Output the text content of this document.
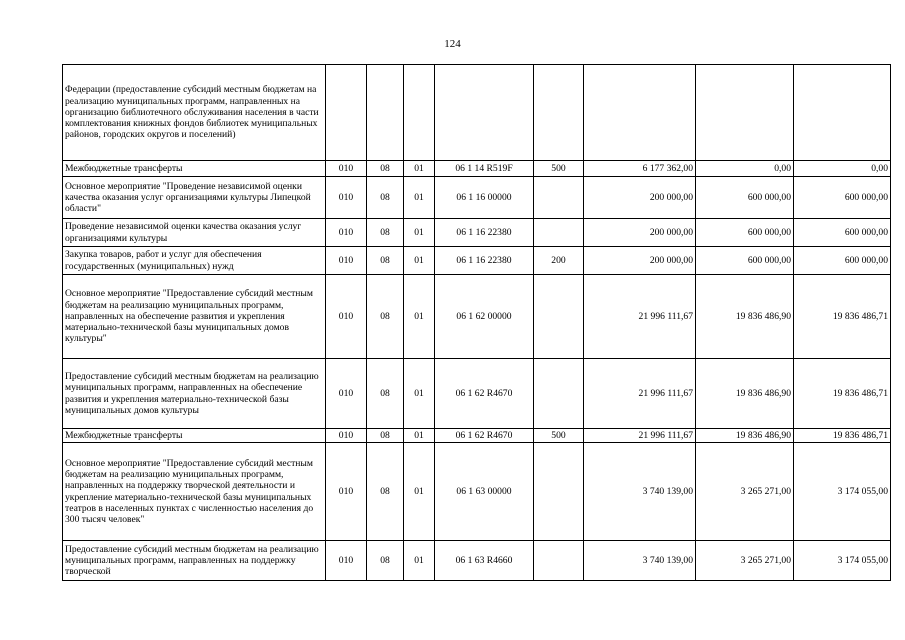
124
Федерации (предоставление субсидий местным бюджетам на реализацию муниципальных программ, направленных на организацию библиотечного обслуживания населения в части комплектования книжных фондов библиотек муниципальных районов, городских округов и поселений)								
Межбюджетные трансферты	010	08	01	06 1 14 R519F	500	6 177 362,00	0,00	0,00
Основное мероприятие "Проведение независимой оценки качества оказания услуг организациями культуры Липецкой области"	010	08	01	06 1 16 00000		200 000,00	600 000,00	600 000,00
Проведение независимой оценки качества оказания услуг организациями культуры	010	08	01	06 1 16 22380		200 000,00	600 000,00	600 000,00
Закупка товаров, работ и услуг для обеспечения государственных (муниципальных) нужд	010	08	01	06 1 16 22380	200	200 000,00	600 000,00	600 000,00
Основное мероприятие "Предоставление субсидий местным бюджетам на реализацию муниципальных программ, направленных на обеспечение развития и укрепления материально-технической базы муниципальных домов культуры"	010	08	01	06 1 62 00000		21 996 111,67	19 836 486,90	19 836 486,71
Предоставление субсидий местным бюджетам на реализацию муниципальных программ, направленных на обеспечение развития и укрепления материально-технической базы муниципальных домов культуры	010	08	01	06 1 62 R4670		21 996 111,67	19 836 486,90	19 836 486,71
Межбюджетные трансферты	010	08	01	06 1 62 R4670	500	21 996 111,67	19 836 486,90	19 836 486,71
Основное мероприятие "Предоставление субсидий местным бюджетам на реализацию муниципальных программ, направленных на поддержку творческой деятельности и укрепление материально-технической базы муниципальных театров в населенных пунктах с численностью населения до 300 тысяч человек"	010	08	01	06 1 63 00000		3 740 139,00	3 265 271,00	3 174 055,00
Предоставление субсидий местным бюджетам на реализацию муниципальных программ, направленных на поддержку творческой	010	08	01	06 1 63 R4660		3 740 139,00	3 265 271,00	3 174 055,00
